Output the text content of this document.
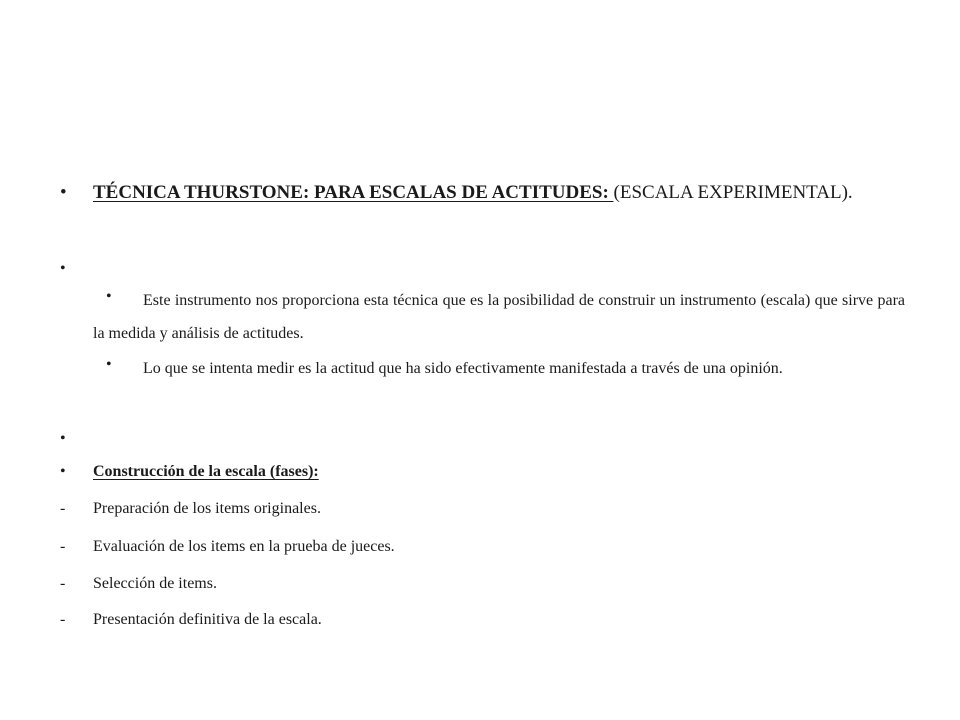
•	TÉCNICA THURSTONE: PARA ESCALAS DE ACTITUDES: (ESCALA EXPERIMENTAL).
•
•	Este instrumento nos proporciona esta técnica que es la posibilidad de construir un instrumento (escala) que sirve para la medida y análisis de actitudes.
•	Lo que se intenta medir es la actitud que ha sido efectivamente manifestada a través de una opinión.
•
•	Construcción de la escala (fases):
-	Preparación de los items originales.
-	Evaluación de los items en la prueba de jueces.
-	Selección de items.
-	Presentación definitiva de la escala.
